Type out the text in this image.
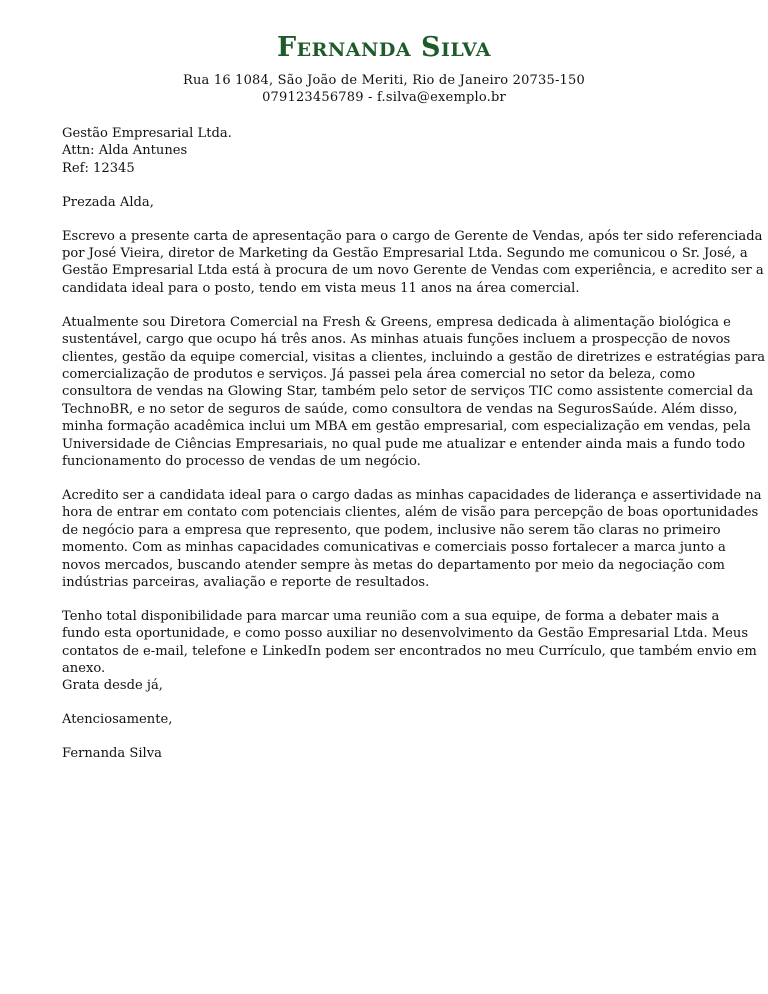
Fernanda Silva
Rua 16 1084, São João de Meriti, Rio de Janeiro 20735-150
079123456789 - f.silva@exemplo.br
Gestão Empresarial Ltda.
Attn: Alda Antunes
Ref: 12345
Prezada Alda,

Escrevo a presente carta de apresentação para o cargo de Gerente de Vendas, após ter sido referenciada
por José Vieira, diretor de Marketing da Gestão Empresarial Ltda. Segundo me comunicou o Sr. José, a
Gestão Empresarial Ltda está à procura de um novo Gerente de Vendas com experiência, e acredito ser a
candidata ideal para o posto, tendo em vista meus 11 anos na área comercial.

Atualmente sou Diretora Comercial na Fresh & Greens, empresa dedicada à alimentação biológica e
sustentável, cargo que ocupo há três anos. As minhas atuais funções incluem a prospecção de novos
clientes, gestão da equipe comercial, visitas a clientes, incluindo a gestão de diretrizes e estratégias para
comercialização de produtos e serviços. Já passei pela área comercial no setor da beleza, como
consultora de vendas na Glowing Star, também pelo setor de serviços TIC como assistente comercial da
TechnoBR, e no setor de seguros de saúde, como consultora de vendas na SegurosSaúde. Além disso,
minha formação acadêmica inclui um MBA em gestão empresarial, com especialização em vendas, pela
Universidade de Ciências Empresariais, no qual pude me atualizar e entender ainda mais a fundo todo
funcionamento do processo de vendas de um negócio.

Acredito ser a candidata ideal para o cargo dadas as minhas capacidades de liderança e assertividade na
hora de entrar em contato com potenciais clientes, além de visão para percepção de boas oportunidades
de negócio para a empresa que represento, que podem, inclusive não serem tão claras no primeiro
momento. Com as minhas capacidades comunicativas e comerciais posso fortalecer a marca junto a
novos mercados, buscando atender sempre às metas do departamento por meio da negociação com
indústrias parceiras, avaliação e reporte de resultados.

Tenho total disponibilidade para marcar uma reunião com a sua equipe, de forma a debater mais a
fundo esta oportunidade, e como posso auxiliar no desenvolvimento da Gestão Empresarial Ltda. Meus
contatos de e-mail, telefone e LinkedIn podem ser encontrados no meu Currículo, que também envio em
anexo.

Grata desde já,
Atenciosamente,
Fernanda Silva
